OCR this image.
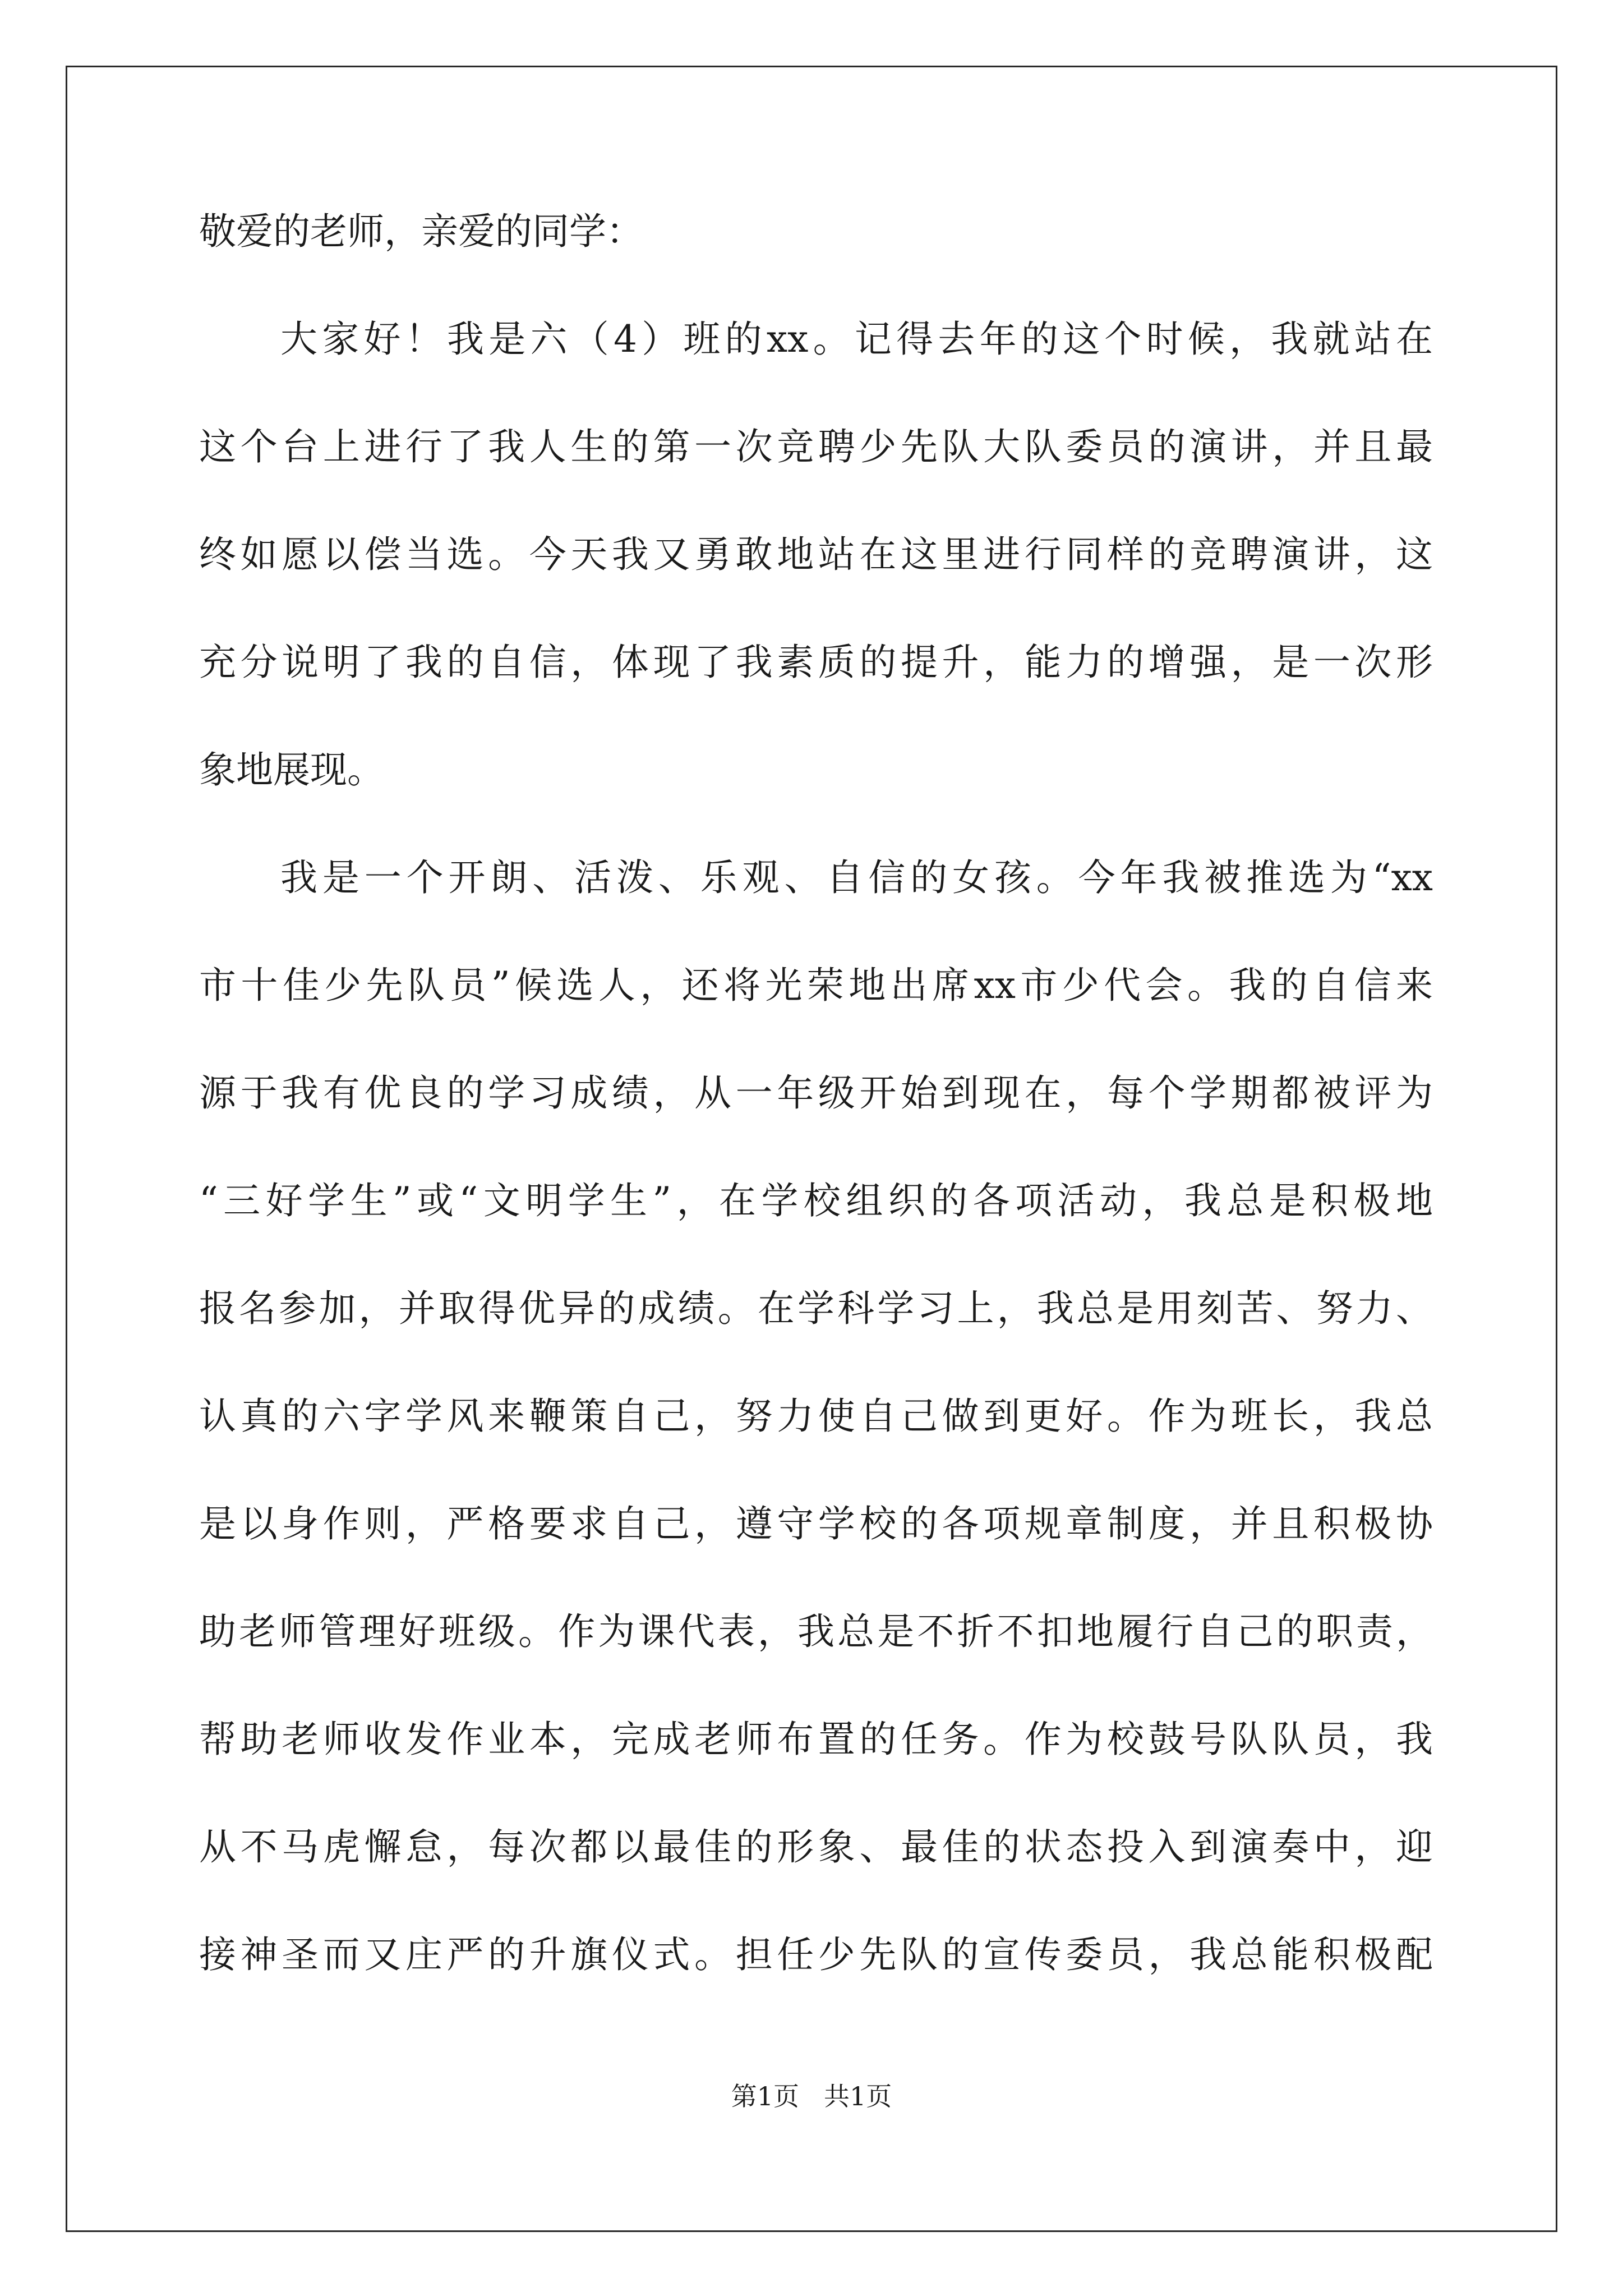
敬爱的老师，亲爱的同学：
大家好！我是六（4）班的xx。记得去年的这个时候，我就站在
这个台上进行了我人生的第一次竞聘少先队大队委员的演讲，并且最
终如愿以偿当选。今天我又勇敢地站在这里进行同样的竞聘演讲，这
充分说明了我的自信，体现了我素质的提升，能力的增强，是一次形
象地展现。
我是一个开朗、活泼、乐观、自信的女孩。今年我被推选为“xx
市十佳少先队员”候选人，还将光荣地出席xx市少代会。我的自信来
源于我有优良的学习成绩，从一年级开始到现在，每个学期都被评为
“三好学生”或“文明学生”，在学校组织的各项活动，我总是积极地
报名参加，并取得优异的成绩。在学科学习上，我总是用刻苦、努力、
认真的六字学风来鞭策自己，努力使自己做到更好。作为班长，我总
是以身作则，严格要求自己，遵守学校的各项规章制度，并且积极协
助老师管理好班级。作为课代表，我总是不折不扣地履行自己的职责，
帮助老师收发作业本，完成老师布置的任务。作为校鼓号队队员，我
从不马虎懈怠，每次都以最佳的形象、最佳的状态投入到演奏中，迎
接神圣而又庄严的升旗仪式。担任少先队的宣传委员，我总能积极配
第1页 共1页
